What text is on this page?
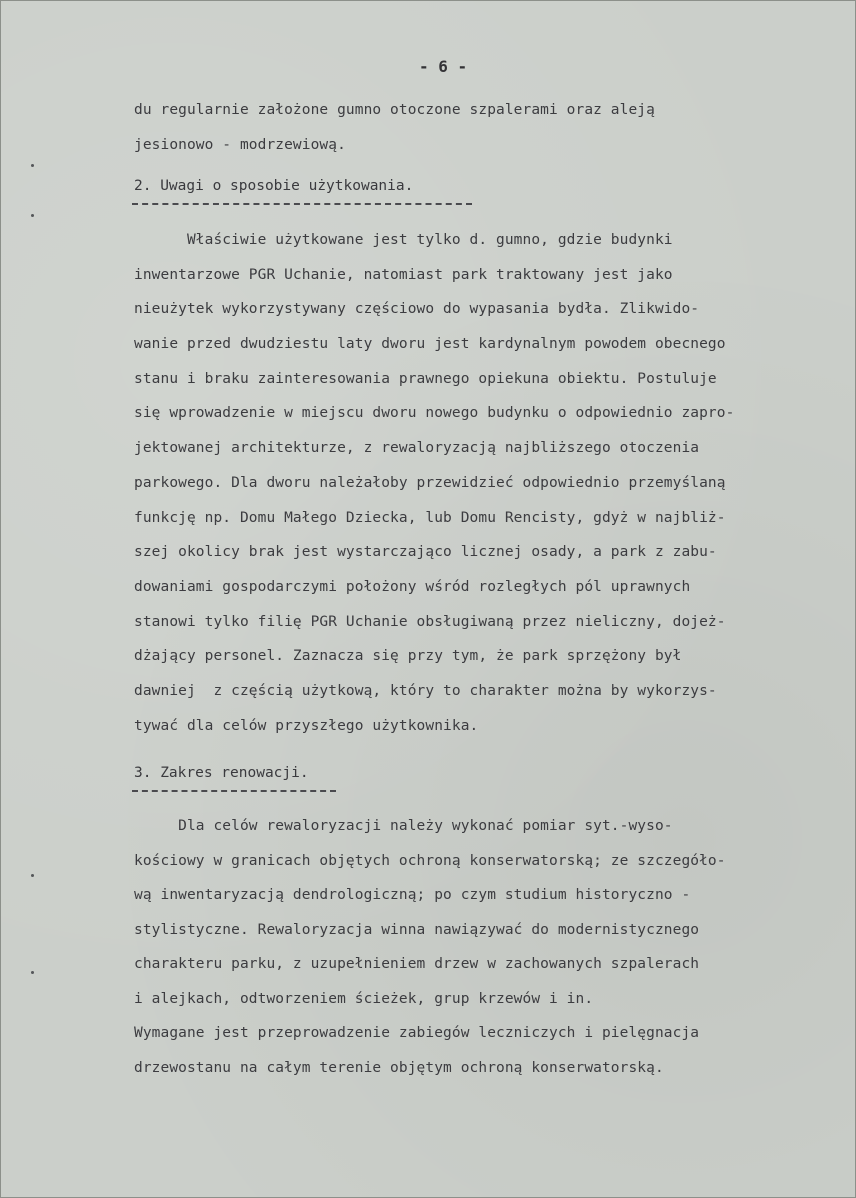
- 6 -

du regularnie założone gumno otoczone szpalerami oraz aleją

jesionowo - modrzewiową.

2. Uwagi o sposobie użytkowania.

Właściwie użytkowane jest tylko d. gumno, gdzie budynki

inwentarzowe PGR Uchanie, natomiast park traktowany jest jako

nieużytek wykorzystywany częściowo do wypasania bydła. Zlikwido-

wanie przed dwudziestu laty dworu jest kardynalnym powodem obecnego

stanu i braku zainteresowania prawnego opiekuna obiektu. Postuluje

się wprowadzenie w miejscu dworu nowego budynku o odpowiednio zapro-

jektowanej architekturze, z rewaloryzacją najbliższego otoczenia

parkowego. Dla dworu należałoby przewidzieć odpowiednio przemyślaną

funkcję np. Domu Małego Dziecka, lub Domu Rencisty, gdyż w najbliż-

szej okolicy brak jest wystarczająco licznej osady, a park z zabu-

dowaniami gospodarczymi położony wśród rozległych pól uprawnych

stanowi tylko filię PGR Uchanie obsługiwaną przez nieliczny, dojeż-

dżający personel. Zaznacza się przy tym, że park sprzężony był

dawniej  z częścią użytkową, który to charakter można by wykorzys-

tywać dla celów przyszłego użytkownika.

3. Zakres renowacji.

Dla celów rewaloryzacji należy wykonać pomiar syt.-wyso-

kościowy w granicach objętych ochroną konserwatorską; ze szczegóło-

wą inwentaryzacją dendrologiczną; po czym studium historyczno -

stylistyczne. Rewaloryzacja winna nawiązywać do modernistycznego

charakteru parku, z uzupełnieniem drzew w zachowanych szpalerach

i alejkach, odtworzeniem ścieżek, grup krzewów i in.

Wymagane jest przeprowadzenie zabiegów leczniczych i pielęgnacja

drzewostanu na całym terenie objętym ochroną konserwatorską.
